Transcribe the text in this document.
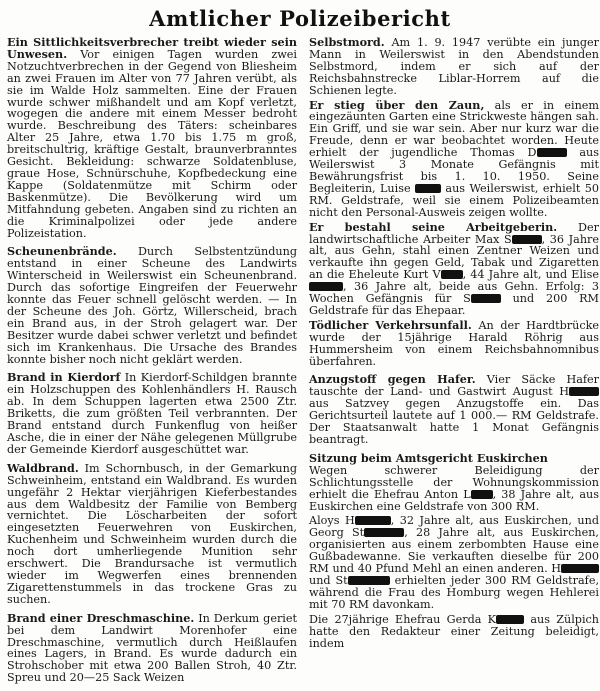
Amtlicher Polizeibericht

Ein Sittlichkeitsverbrecher treibt wieder sein Unwesen. Vor einigen Tagen wurden zwei Notzuchtverbrechen in der Gegend von Bliesheim an zwei Frauen im Alter von 77 Jahren verübt, als sie im Walde Holz sammelten. Eine der Frauen wurde schwer mißhandelt und am Kopf verletzt, wogegen die andere mit einem Messer bedroht wurde. Beschreibung des Täters: scheinbares Alter 25 Jahre, etwa 1.70 bis 1.75 m groß, breitschultrig, kräftige Gestalt, braunverbranntes Gesicht. Bekleidung: schwarze Soldatenbluse, graue Hose, Schnürschuhe, Kopfbedeckung eine Kappe (Soldatenmütze mit Schirm oder Baskenmütze). Die Bevölkerung wird um Mitfahndung gebeten. Angaben sind zu richten an die Kriminalpolizei oder jede andere Polizeistation.

Scheunenbrände. Durch Selbstentzündung entstand in einer Scheune des Landwirts Winterscheid in Weilerswist ein Scheunenbrand. Durch das sofortige Eingreifen der Feuerwehr konnte das Feuer schnell gelöscht werden. — In der Scheune des Joh. Görtz, Willerscheid, brach ein Brand aus, in der Stroh gelagert war. Der Besitzer wurde dabei schwer verletzt und befindet sich im Krankenhaus. Die Ursache des Brandes konnte bisher noch nicht geklärt werden.

Brand in Kierdorf In Kierdorf-Schildgen brannte ein Holzschuppen des Kohlenhändlers H. Rausch ab. In dem Schuppen lagerten etwa 2500 Ztr. Briketts, die zum größten Teil verbrannten. Der Brand entstand durch Funkenflug von heißer Asche, die in einer der Nähe gelegenen Müllgrube der Gemeinde Kierdorf ausgeschüttet war.

Waldbrand. Im Schornbusch, in der Gemarkung Schweinheim, entstand ein Waldbrand. Es wurden ungefähr 2 Hektar vierjährigen Kieferbestandes aus dem Waldbesitz der Familie von Bemberg vernichtet. Die Löscharbeiten der sofort eingesetzten Feuerwehren von Euskirchen, Kuchenheim und Schweinheim wurden durch die noch dort umherliegende Munition sehr erschwert. Die Brandursache ist vermutlich wieder im Wegwerfen eines brennenden Zigarettenstummels in das trockene Gras zu suchen.

Brand einer Dreschmaschine. In Derkum geriet bei dem Landwirt Morenhofer eine Dreschmaschine, vermutlich durch Heißlaufen eines Lagers, in Brand. Es wurde dadurch ein Strohschober mit etwa 200 Ballen Stroh, 40 Ztr. Spreu und 20—25 Sack Weizen

Selbstmord. Am 1. 9. 1947 verübte ein junger Mann in Weilerswist in den Abendstunden Selbstmord, indem er sich auf der Reichsbahnstrecke Liblar-Horrem auf die Schienen legte.

Er stieg über den Zaun, als er in einem eingezäunten Garten eine Strickweste hängen sah. Ein Griff, und sie war sein. Aber nur kurz war die Freude, denn er war beobachtet worden. Heute erhielt der jugendliche Thomas D	aus Weilerswist 3 Monate Gefängnis mit Bewährungsfrist bis 1. 10. 1950. Seine Begleiterin, Luise  aus Weilerswist, erhielt 50 RM. Geldstrafe, weil sie einem Polizeibeamten nicht den Personal-Ausweis zeigen wollte.

Er bestahl seine Arbeitgeberin. Der landwirtschaftliche Arbeiter Max S	, 36 Jahre alt, aus Gehn, stahl einen Zentner Weizen und verkaufte ihn gegen Geld, Tabak und Zigaretten an die Eheleute Kurt V , 44 Jahre alt, und Elise , 36 Jahre alt, beide aus Gehn. Erfolg: 3 Wochen Gefängnis für S	und 200 RM Geldstrafe für das Ehepaar.

Tödlicher Verkehrsunfall. An der Hardtbrücke wurde der 15jährige Harald Röhrig aus Hummersheim von einem Reichsbahnomnibus überfahren.

Anzugstoff gegen Hafer. Vier Säcke Hafer tauschte der Land- und Gastwirt August H aus Satzvey gegen Anzugstoffe ein. Das Gerichtsurteil lautete auf 1 000.— RM Geldstrafe. Der Staatsanwalt hatte 1 Monat Gefängnis beantragt.

Sitzung beim Amtsgericht Euskirchen
Wegen schwerer Beleidigung der Schlichtungsstelle der Wohnungskommission erhielt die Ehefrau Anton L , 38 Jahre alt, aus Euskirchen eine Geldstrafe von 300 RM.

Aloys H	, 32 Jahre alt, aus Euskirchen, und Georg St	, 28 Jahre alt, aus Euskirchen, organisierten aus einem zerbombten Hause eine Gußbadewanne. Sie verkauften dieselbe für 200 RM und 40 Pfund Mehl an einen anderen. H und St	erhielten jeder 300 RM Geldstrafe, während die Frau des Homburg wegen Hehlerei mit 70 RM davonkam.

Die 27jährige Ehefrau Gerda K	aus Zülpich hatte den Redakteur einer Zeitung beleidigt, indem
